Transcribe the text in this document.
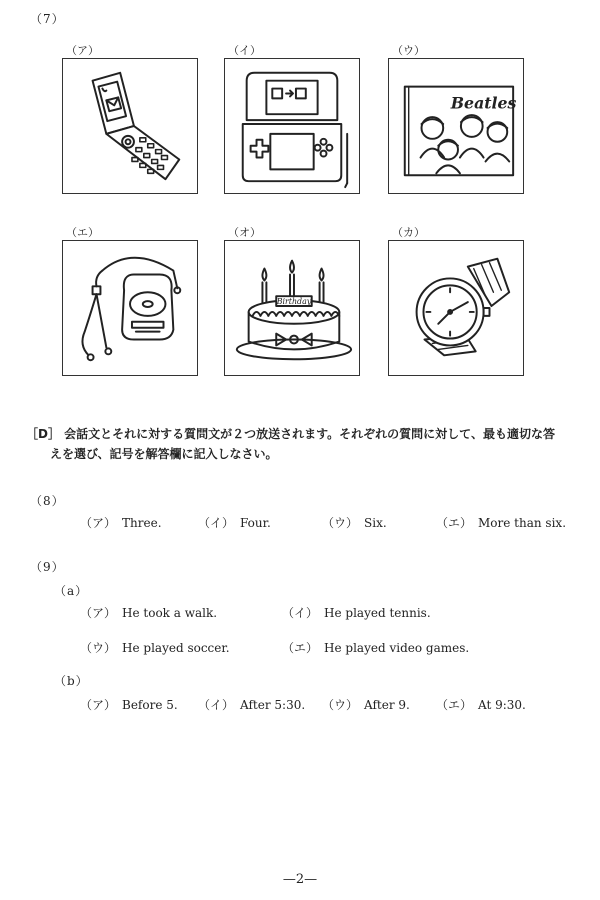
（7）
（ア）	（イ）	（ウ）
Beatles
（エ）	（オ）	（カ）
Birthday
［D］ 会話文とそれに対する質問文が２つ放送されます。それぞれの質問に対して、最も適切な答
えを選び、記号を解答欄に記入しなさい。
（8）
（ア） Three.	（イ） Four.	（ウ） Six.	（エ） More than six.
（9）
（a）
（ア） He took a walk.	（イ） He played tennis.
（ウ） He played soccer.	（エ） He played video games.
（b）
（ア） Before 5. （イ） After 5:30. （ウ） After 9. （エ） At 9:30.
—2—
